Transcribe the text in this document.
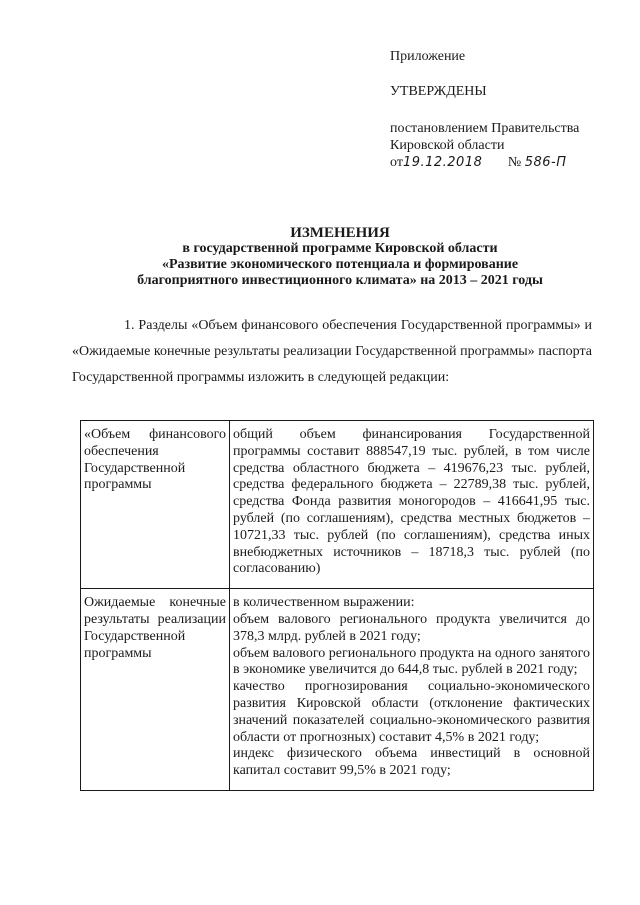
Приложение
УТВЕРЖДЕНЫ
постановлением Правительства
Кировской области
от19.12.2018 № 586-П
ИЗМЕНЕНИЯ
в государственной программе Кировской области
«Развитие экономического потенциала и формирование
благоприятного инвестиционного климата» на 2013 – 2021 годы
1. Разделы «Объем финансового обеспечения Государственной программы» и «Ожидаемые конечные результаты реализации Государственной программы» паспорта Государственной программы изложить в следующей редакции:
«Объем финансового обеспечения Государственной программы	общий объем финансирования Государственной программы составит 888547,19 тыс. рублей, в том числе средства областного бюджета – 419676,23 тыс. рублей, средства федерального бюджета – 22789,38 тыс. рублей, средства Фонда развития моногородов – 416641,95 тыс. рублей (по соглашениям), средства местных бюджетов – 10721,33 тыс. рублей (по соглашениям), средства иных внебюджетных источников – 18718,3 тыс. рублей (по согласованию)

Ожидаемые конечные результаты реализации Государственной программы	в количественном выражении:

объем валового регионального продукта увеличится до 378,3 млрд. рублей в 2021 году;

объем валового регионального продукта на одного занятого в экономике увеличится до 644,8 тыс. рублей в 2021 году;

качество прогнозирования социально-экономического развития Кировской области (отклонение фактических значений показателей социально-экономического развития области от прогнозных) составит 4,5% в 2021 году;

индекс физического объема инвестиций в основной капитал составит 99,5% в 2021 году;
